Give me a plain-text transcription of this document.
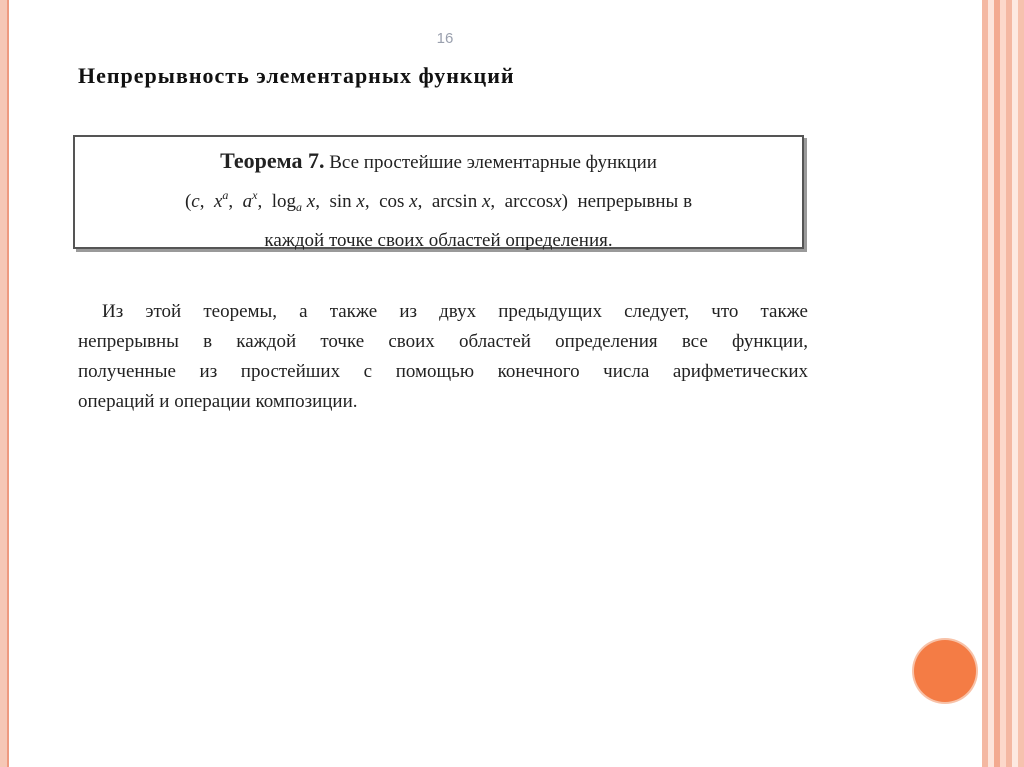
16
Непрерывность элементарных функций
Теорема 7. Все простейшие элементарные функции
(c,  $x^a$,  $a^x$,  $\log_a x$,  sin x,  cos x,  arcsin x,  arccosx)  непрерывны в
каждой точке своих областей определения.
Из этой теоремы, а также из двух предыдущих следует, что также
непрерывны в каждой точке своих областей определения все функции,
полученные из простейших с помощью конечного числа арифметических
операций и операции композиции.
